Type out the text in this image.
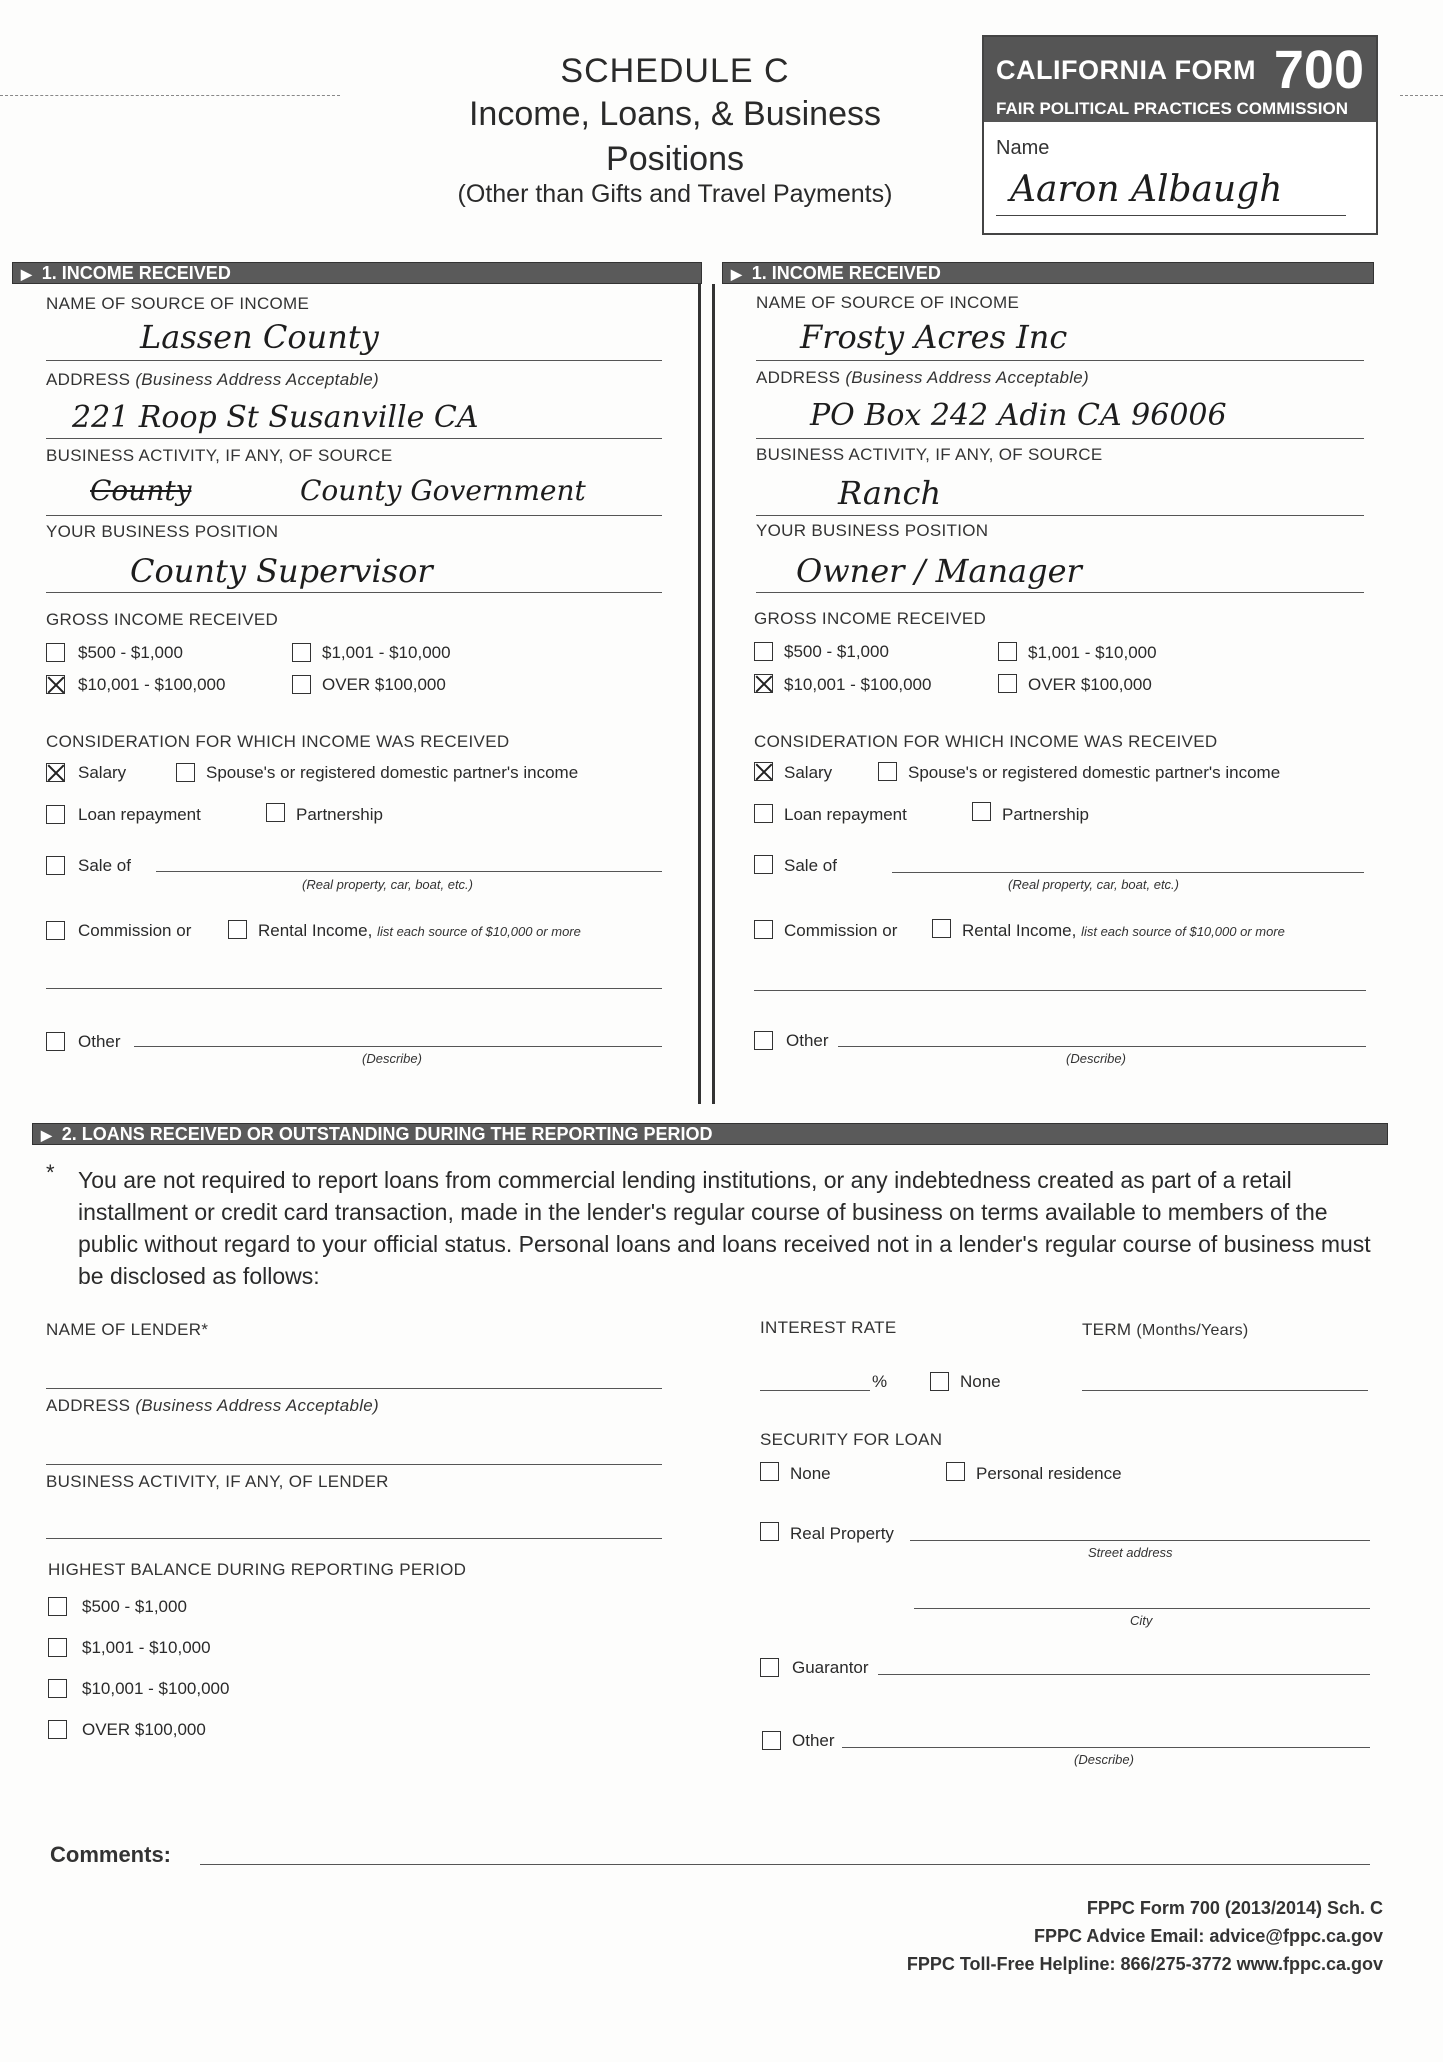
SCHEDULE C
Income, Loans, & Business
Positions
(Other than Gifts and Travel Payments)
CALIFORNIA FORM 700
FAIR POLITICAL PRACTICES COMMISSION
Name
Aaron Albaugh
▶ 1. INCOME RECEIVED	▶ 1. INCOME RECEIVED
NAME OF SOURCE OF INCOME
Lassen County
ADDRESS (Business Address Acceptable)
221 Roop St Susanville CA
BUSINESS ACTIVITY, IF ANY, OF SOURCE
County	County Government
YOUR BUSINESS POSITION
County Supervisor
GROSS INCOME RECEIVED
$500 - $1,000	$1,001 - $10,000
$10,001 - $100,000	OVER $100,000
CONSIDERATION FOR WHICH INCOME WAS RECEIVED
Salary	Spouse's or registered domestic partner's income
Loan repayment	Partnership
Sale of
(Real property, car, boat, etc.)
Commission or	Rental Income, list each source of $10,000 or more
Other
(Describe)
NAME OF SOURCE OF INCOME
Frosty Acres Inc
ADDRESS (Business Address Acceptable)
PO Box 242 Adin CA 96006
BUSINESS ACTIVITY, IF ANY, OF SOURCE
Ranch
YOUR BUSINESS POSITION
Owner / Manager
GROSS INCOME RECEIVED
$500 - $1,000	$1,001 - $10,000
$10,001 - $100,000	OVER $100,000
CONSIDERATION FOR WHICH INCOME WAS RECEIVED
Salary	Spouse's or registered domestic partner's income
Loan repayment	Partnership
Sale of
(Real property, car, boat, etc.)
Commission or	Rental Income, list each source of $10,000 or more
Other
(Describe)
▶ 2. LOANS RECEIVED OR OUTSTANDING DURING THE REPORTING PERIOD
* You are not required to report loans from commercial lending institutions, or any indebtedness created as part of a retail installment or credit card transaction, made in the lender's regular course of business on terms available to members of the public without regard to your official status. Personal loans and loans received not in a lender's regular course of business must be disclosed as follows:
NAME OF LENDER*
ADDRESS (Business Address Acceptable)
BUSINESS ACTIVITY, IF ANY, OF LENDER
HIGHEST BALANCE DURING REPORTING PERIOD
$500 - $1,000
$1,001 - $10,000
$10,001 - $100,000
OVER $100,000
INTEREST RATE
%	None
TERM (Months/Years)
SECURITY FOR LOAN
None	Personal residence
Real Property
Street address
City
Guarantor
Other
(Describe)
Comments:
FPPC Form 700 (2013/2014) Sch. C
FPPC Advice Email: advice@fppc.ca.gov
FPPC Toll-Free Helpline: 866/275-3772 www.fppc.ca.gov
